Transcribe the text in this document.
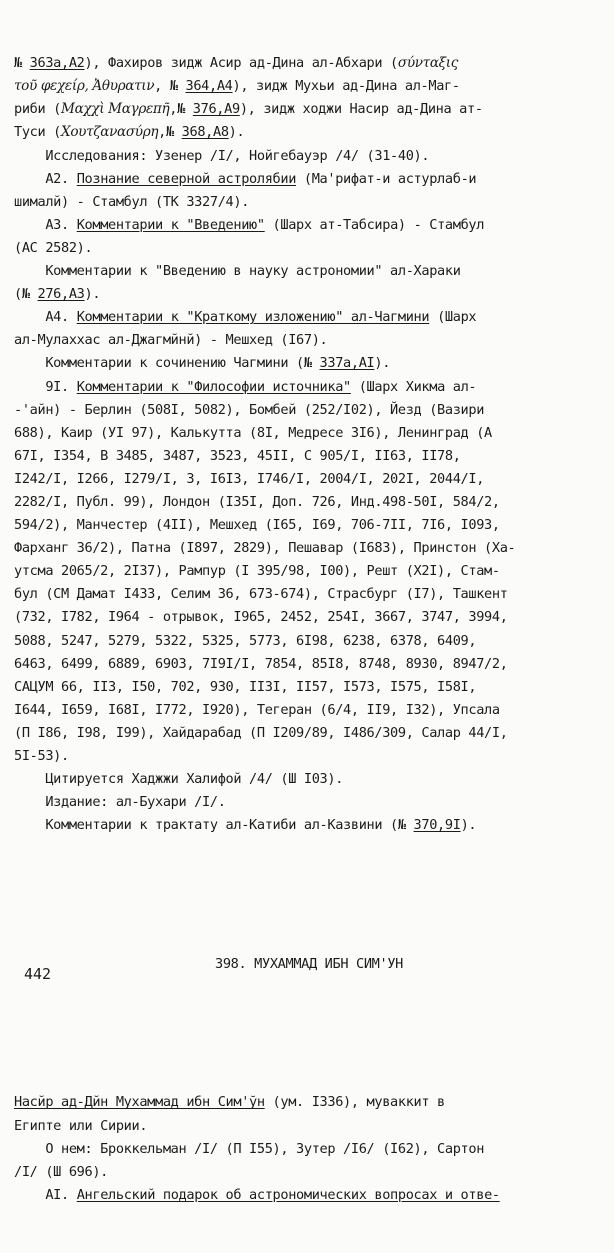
№ 363a,A2), Фахиров зидж Асир ад-Дина ал-Абхари (σύνταξις
τοῦ φεχείρ, Ἀθυρατιν, № 364,A4), зидж Мухьи ад-Дина ал-Маг-
риби (Μαχχὶ Μαγρεπῆ,№ 376,A9), зидж ходжи Насир ад-Дина ат-
Туси (Χουτζανασύρη,№ 368,A8).
Исследования: Узенер /I/, Нойгебауэр /4/ (31-40).
A2. Познание северной астролябии (Ма'рифат-и астурлаб-и
шималй) - Стамбул (ТК 3327/4).
A3. Комментарии к "Введению" (Шарх ат-Табсира) - Стамбул
(AC 2582).
Комментарии к "Введению в науку астрономии" ал-Хараки
(№ 276,A3).
A4. Комментарии к "Краткому изложению" ал-Чагмини (Шарх
ал-Мулаххас ал-Джагмйнй) - Мешхед (I67).
Комментарии к сочинению Чагмини (№ 337a,AI).
9I. Комментарии к "Философии источника" (Шарх Хикма ал-
-'айн) - Берлин (508I, 5082), Бомбей (252/I02), Йезд (Вазири
688), Каир (УI 97), Калькутта (8I, Медресе 3I6), Ленинград (A
67I, I354, B 3485, 3487, 3523, 45II, C 905/I, II63, II78,
I242/I, I266, I279/I, 3, I6I3, I746/I, 2004/I, 202I, 2044/I,
2282/I, Публ. 99), Лондон (I35I, Доп. 726, Инд.498-50I, 584/2,
594/2), Манчестер (4II), Мешхед (I65, I69, 706-7II, 7I6, I093,
Фарханг 36/2), Патна (I897, 2829), Пешавар (I683), Принстон (Ха-
утсма 2065/2, 2I37), Рампур (I 395/98, I00), Решт (X2I), Стам-
бул (СМ Дамат I433, Селим 36, 673-674), Страсбург (I7), Ташкент
(732, I782, I964 - отрывок, I965, 2452, 254I, 3667, 3747, 3994,
5088, 5247, 5279, 5322, 5325, 5773, 6I98, 6238, 6378, 6409,
6463, 6499, 6889, 6903, 7I9I/I, 7854, 85I8, 8748, 8930, 8947/2,
САЦУМ 66, II3, I50, 702, 930, II3I, II57, I573, I575, I58I,
I644, I659, I68I, I772, I920), Тегеран (6/4, II9, I32), Упсала
(П I86, I98, I99), Хайдарабад (П I209/89, I486/309, Салар 44/I,
5I-53).
Цитируется Хаджжи Халифой /4/ (Ш I03).
Издание: ал-Бухари /I/.
Комментарии к трактату ал-Катиби ал-Казвини (№ 370,9I).

398. МУХАММАД ИБН СИМ'УН

Насйр ад-Дйн Мухаммад ибн Сим'ўн (ум. I336), муваккит в
Египте или Сирии.
О нем: Броккельман /I/ (П I55), Зутер /I6/ (I62), Сартон
/I/ (Ш 696).
AI. Ангельский подарок об астрономических вопросах и отве-

442
